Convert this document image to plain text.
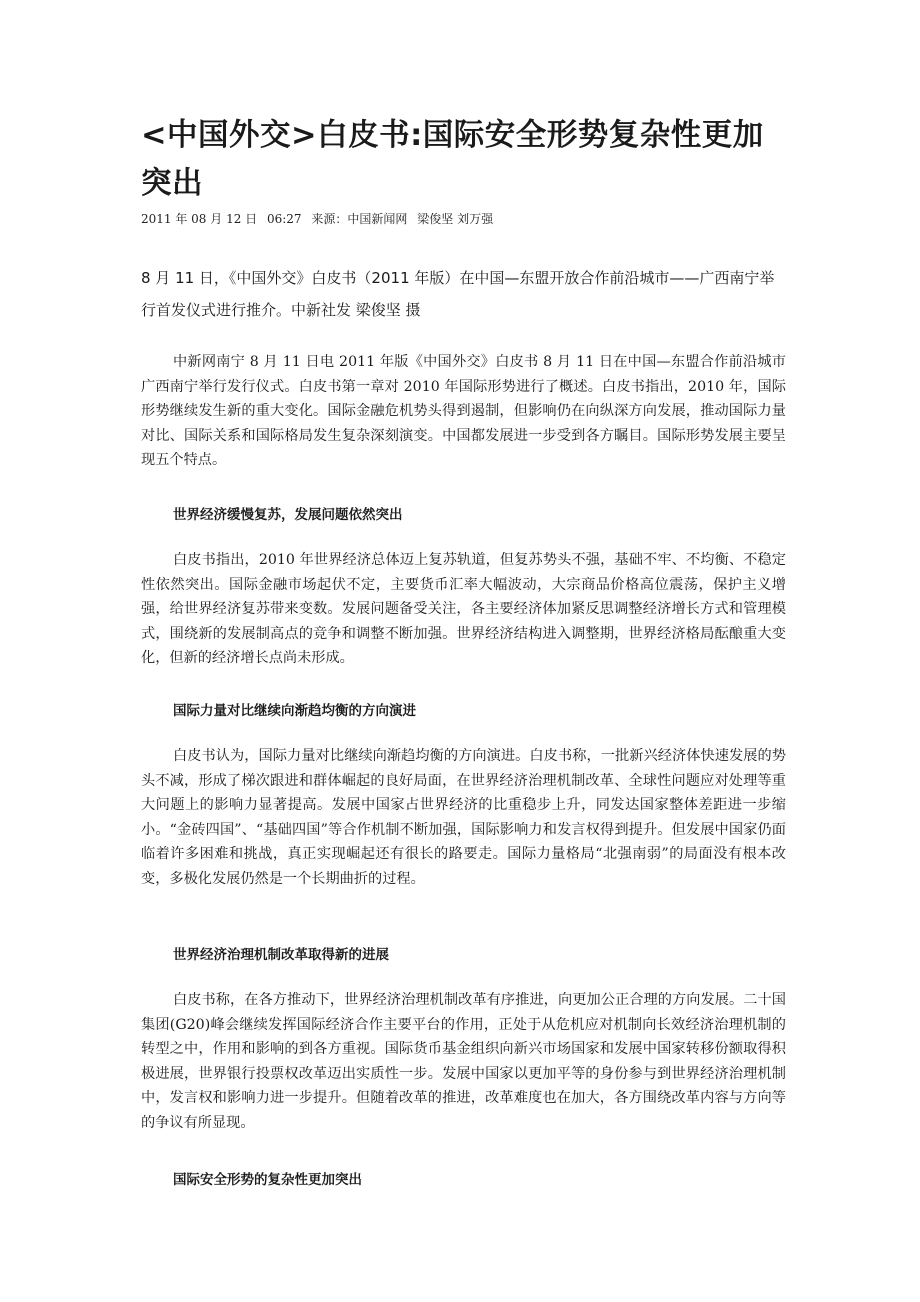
<中国外交>白皮书:国际安全形势复杂性更加突出
2011 年 08 月 12 日 06:27 来源：中国新闻网 梁俊坚 刘万强

8 月 11 日，《中国外交》白皮书（2011 年版）在中国—东盟开放合作前沿城市——广西南宁举行首发仪式进行推介。中新社发 梁俊坚 摄

中新网南宁 8 月 11 日电 2011 年版《中国外交》白皮书 8 月 11 日在中国—东盟合作前沿城市广西南宁举行发行仪式。白皮书第一章对 2010 年国际形势进行了概述。白皮书指出，2010 年，国际形势继续发生新的重大变化。国际金融危机势头得到遏制，但影响仍在向纵深方向发展，推动国际力量对比、国际关系和国际格局发生复杂深刻演变。中国都发展进一步受到各方瞩目。国际形势发展主要呈现五个特点。

世界经济缓慢复苏，发展问题依然突出

白皮书指出，2010 年世界经济总体迈上复苏轨道，但复苏势头不强，基础不牢、不均衡、不稳定性依然突出。国际金融市场起伏不定，主要货币汇率大幅波动，大宗商品价格高位震荡，保护主义增强，给世界经济复苏带来变数。发展问题备受关注，各主要经济体加紧反思调整经济增长方式和管理模式，围绕新的发展制高点的竞争和调整不断加强。世界经济结构进入调整期，世界经济格局酝酿重大变化，但新的经济增长点尚未形成。

国际力量对比继续向渐趋均衡的方向演进

白皮书认为，国际力量对比继续向渐趋均衡的方向演进。白皮书称，一批新兴经济体快速发展的势头不减，形成了梯次跟进和群体崛起的良好局面，在世界经济治理机制改革、全球性问题应对处理等重大问题上的影响力显著提高。发展中国家占世界经济的比重稳步上升，同发达国家整体差距进一步缩小。“金砖四国”、“基础四国”等合作机制不断加强，国际影响力和发言权得到提升。但发展中国家仍面临着许多困难和挑战，真正实现崛起还有很长的路要走。国际力量格局“北强南弱”的局面没有根本改变，多极化发展仍然是一个长期曲折的过程。

世界经济治理机制改革取得新的进展

白皮书称，在各方推动下，世界经济治理机制改革有序推进，向更加公正合理的方向发展。二十国集团(G20)峰会继续发挥国际经济合作主要平台的作用，正处于从危机应对机制向长效经济治理机制的转型之中，作用和影响的到各方重视。国际货币基金组织向新兴市场国家和发展中国家转移份额取得积极进展，世界银行投票权改革迈出实质性一步。发展中国家以更加平等的身份参与到世界经济治理机制中，发言权和影响力进一步提升。但随着改革的推进，改革难度也在加大，各方围绕改革内容与方向等的争议有所显现。

国际安全形势的复杂性更加突出
